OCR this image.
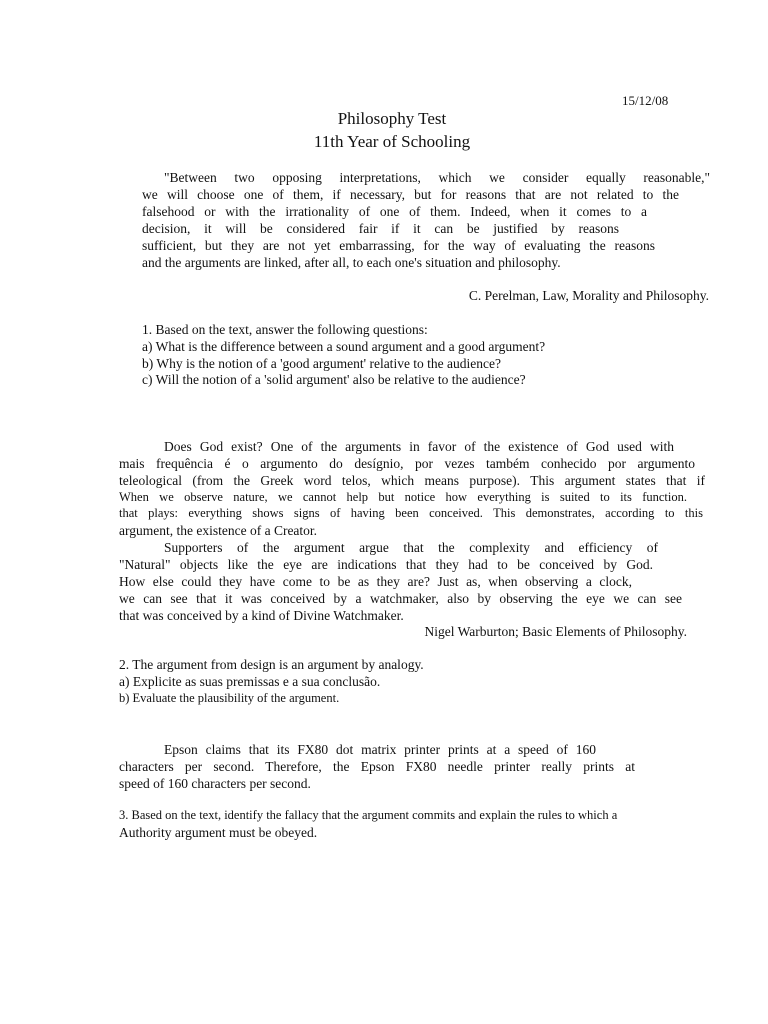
15/12/08
Philosophy Test
11th Year of Schooling
"Between two opposing interpretations, which we consider equally reasonable,"
we will choose one of them, if necessary, but for reasons that are not related to the
falsehood or with the irrationality of one of them. Indeed, when it comes to a
decision, it will be considered fair if it can be justified by reasons
sufficient, but they are not yet embarrassing, for the way of evaluating the reasons
and the arguments are linked, after all, to each one's situation and philosophy.
C. Perelman, Law, Morality and Philosophy.
1. Based on the text, answer the following questions:
a) What is the difference between a sound argument and a good argument?
b) Why is the notion of a 'good argument' relative to the audience?
c) Will the notion of a 'solid argument' also be relative to the audience?
Does God exist? One of the arguments in favor of the existence of God used with
mais frequência é o argumento do desígnio, por vezes também conhecido por argumento
teleological (from the Greek word telos, which means purpose). This argument states that if
When we observe nature, we cannot help but notice how everything is suited to its function.
that plays: everything shows signs of having been conceived. This demonstrates, according to this
argument, the existence of a Creator.
Supporters of the argument argue that the complexity and efficiency of
"Natural" objects like the eye are indications that they had to be conceived by God.
How else could they have come to be as they are? Just as, when observing a clock,
we can see that it was conceived by a watchmaker, also by observing the eye we can see
that was conceived by a kind of Divine Watchmaker.
Nigel Warburton; Basic Elements of Philosophy.
2. The argument from design is an argument by analogy.
a) Explicite as suas premissas e a sua conclusão.
b) Evaluate the plausibility of the argument.
Epson claims that its FX80 dot matrix printer prints at a speed of 160
characters per second. Therefore, the Epson FX80 needle printer really prints at
speed of 160 characters per second.
3. Based on the text, identify the fallacy that the argument commits and explain the rules to which a
Authority argument must be obeyed.
